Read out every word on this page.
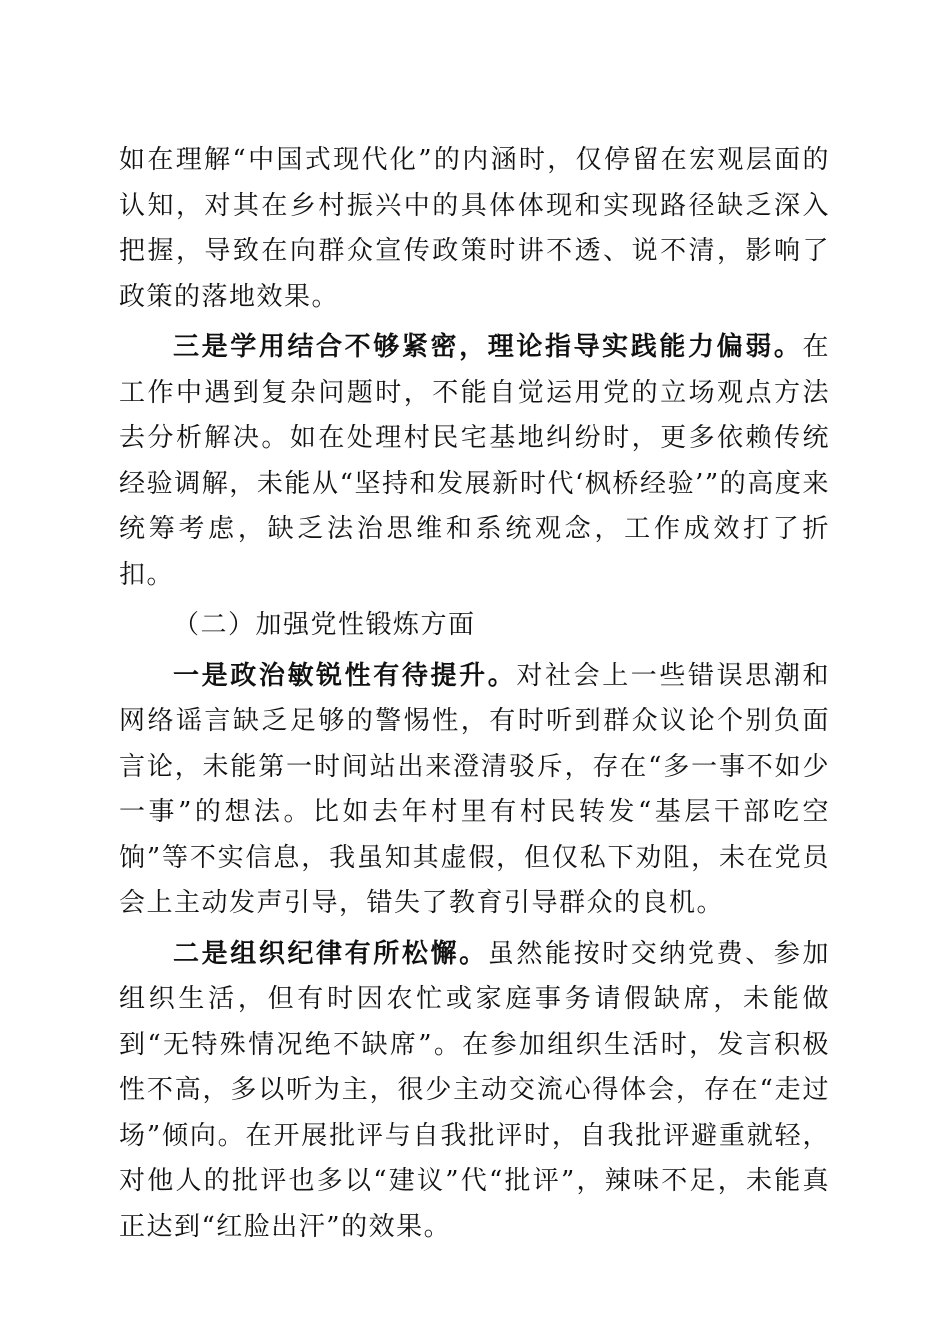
如在理解“中国式现代化”的内涵时，仅停留在宏观层面的认知，对其在乡村振兴中的具体体现和实现路径缺乏深入把握，导致在向群众宣传政策时讲不透、说不清，影响了政策的落地效果。

三是学用结合不够紧密，理论指导实践能力偏弱。在工作中遇到复杂问题时，不能自觉运用党的立场观点方法去分析解决。如在处理村民宅基地纠纷时，更多依赖传统经验调解，未能从“坚持和发展新时代‘枫桥经验’”的高度来统筹考虑，缺乏法治思维和系统观念，工作成效打了折扣。

（二）加强党性锻炼方面

一是政治敏锐性有待提升。对社会上一些错误思潮和网络谣言缺乏足够的警惕性，有时听到群众议论个别负面言论，未能第一时间站出来澄清驳斥，存在“多一事不如少一事”的想法。比如去年村里有村民转发“基层干部吃空饷”等不实信息，我虽知其虚假，但仅私下劝阻，未在党员会上主动发声引导，错失了教育引导群众的良机。

二是组织纪律有所松懈。虽然能按时交纳党费、参加组织生活，但有时因农忙或家庭事务请假缺席，未能做到“无特殊情况绝不缺席”。在参加组织生活时，发言积极性不高，多以听为主，很少主动交流心得体会，存在“走过场”倾向。在开展批评与自我批评时，自我批评避重就轻，对他人的批评也多以“建议”代“批评”，辣味不足，未能真正达到“红脸出汗”的效果。
